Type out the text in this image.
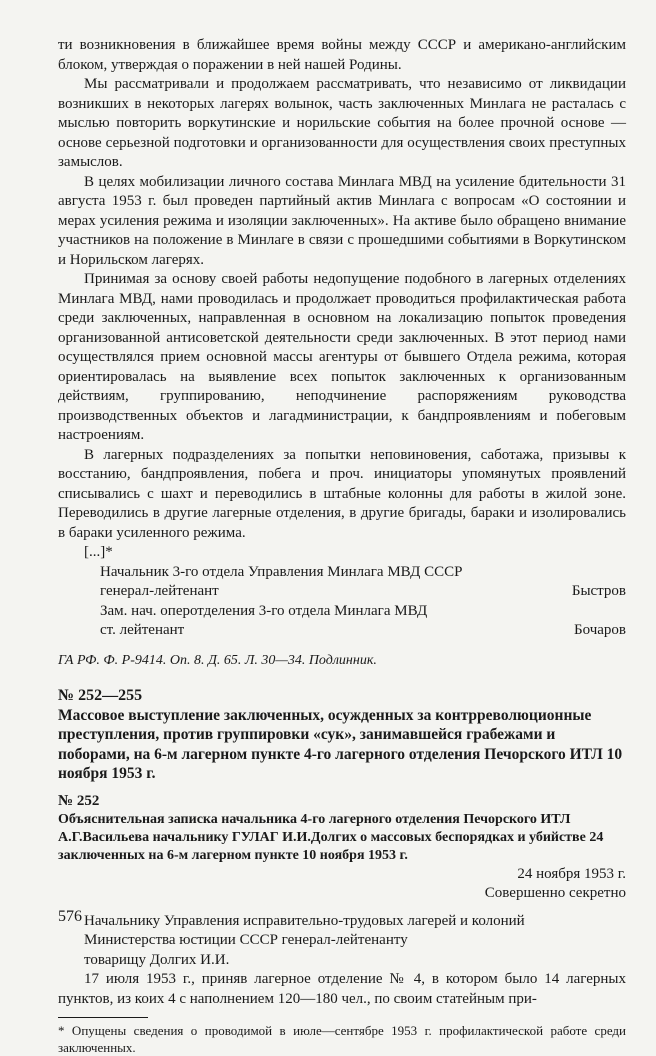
ти возникновения в ближайшее время войны между СССР и американо-английским блоком, утверждая о поражении в ней нашей Родины.

Мы рассматривали и продолжаем рассматривать, что независимо от ликвидации возникших в некоторых лагерях волынок, часть заключенных Минлага не расталась с мыслью повторить воркутинские и норильские события на более прочной основе — основе серьезной подготовки и организованности для осуществления своих преступных замыслов.

В целях мобилизации личного состава Минлага МВД на усиление бдительности 31 августа 1953 г. был проведен партийный актив Минлага с вопросам «О состоянии и мерах усиления режима и изоляции заключенных». На активе было обращено внимание участников на положение в Минлаге в связи с прошедшими событиями в Воркутинском и Норильском лагерях.

Принимая за основу своей работы недопущение подобного в лагерных отделениях Минлага МВД, нами проводилась и продолжает проводиться профилактическая работа среди заключенных, направленная в основном на локализацию попыток проведения организованной антисоветской деятельности среди заключенных. В этот период нами осуществлялся прием основной массы агентуры от бывшего Отдела режима, которая ориентировалась на выявление всех попыток заключенных к организованным действиям, группированию, неподчинение распоряжениям руководства производственных объектов и лагадминистрации, к бандпроявлениям и побеговым настроениям.

В лагерных подразделениях за попытки неповиновения, саботажа, призывы к восстанию, бандпроявления, побега и проч. инициаторы упомянутых проявлений списывались с шахт и переводились в штабные колонны для работы в жилой зоне. Переводились в другие лагерные отделения, в другие бригады, бараки и изолировались в бараки усиленного режима.

[...]*

Начальник 3-го отдела Управления Минлага МВД СССР

генерал-лейтенант	Быстров

Зам. нач. оперотделения 3-го отдела Минлага МВД

ст. лейтенант	Бочаров

ГА РФ. Ф. Р-9414. Оп. 8. Д. 65. Л. 30—34. Подлинник.

№ 252—255

Массовое выступление заключенных, осужденных за контрреволюционные преступления, против группировки «сук», занимавшейся грабежами и поборами, на 6-м лагерном пункте 4-го лагерного отделения Печорского ИТЛ 10 ноября 1953 г.

№ 252

Объяснительная записка начальника 4-го лагерного отделения Печорского ИТЛ А.Г.Васильева начальнику ГУЛАГ И.И.Долгих о массовых беспорядках и убийстве 24 заключенных на 6-м лагерном пункте 10 ноября 1953 г.

24 ноября 1953 г.

Совершенно секретно

Начальнику Управления исправительно-трудовых лагерей и колоний

Министерства юстиции СССР генерал-лейтенанту

товарищу Долгих И.И.

17 июля 1953 г., приняв лагерное отделение № 4, в котором было 14 лагерных пунктов, из коих 4 с наполнением 120—180 чел., по своим статейным при-

* Опущены сведения о проводимой в июле—сентябре 1953 г. профилактической работе среди заключенных.

576
